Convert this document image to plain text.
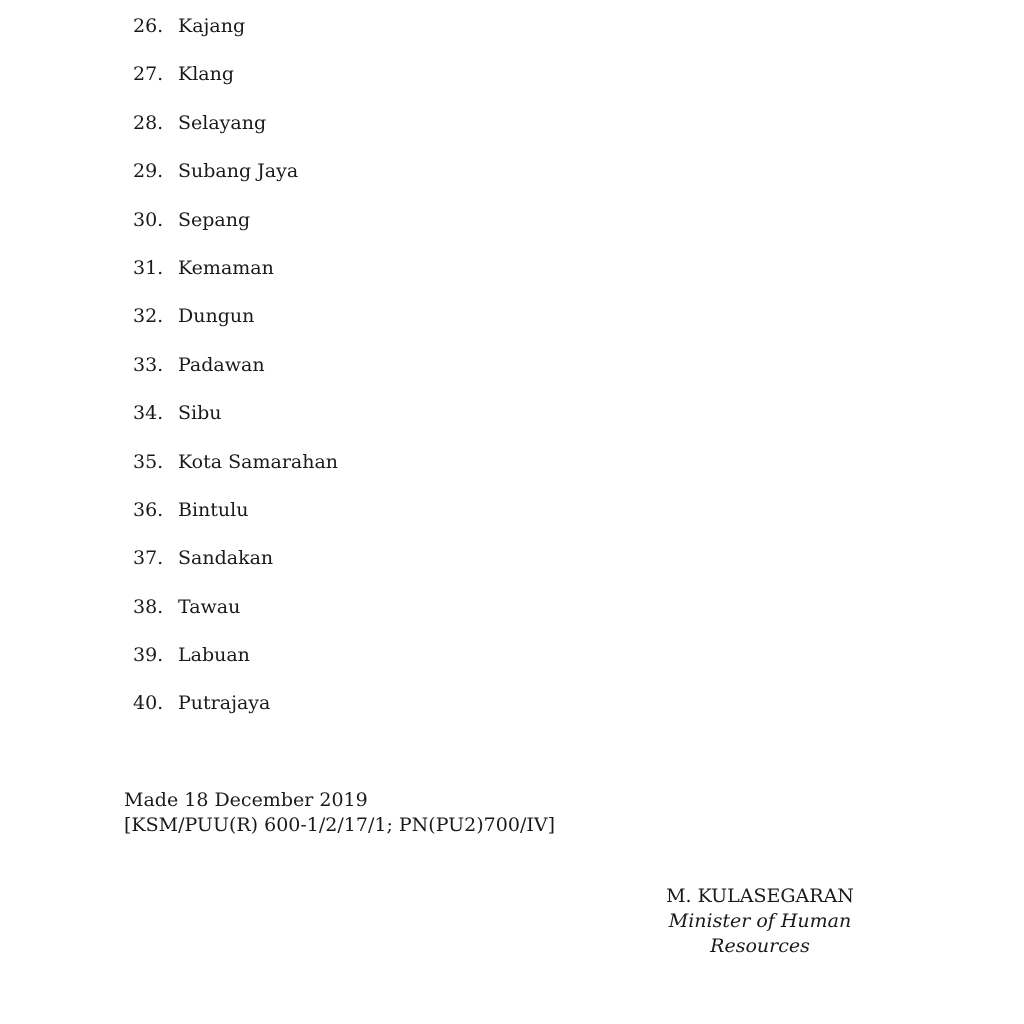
26. Kajang
27. Klang
28. Selayang
29. Subang Jaya
30. Sepang
31. Kemaman
32. Dungun
33. Padawan
34. Sibu
35. Kota Samarahan
36. Bintulu
37. Sandakan
38. Tawau
39. Labuan
40. Putrajaya
Made 18 December 2019
[KSM/PUU(R) 600-1/2/17/1; PN(PU2)700/IV]
M. KULASEGARAN
Minister of Human Resources
